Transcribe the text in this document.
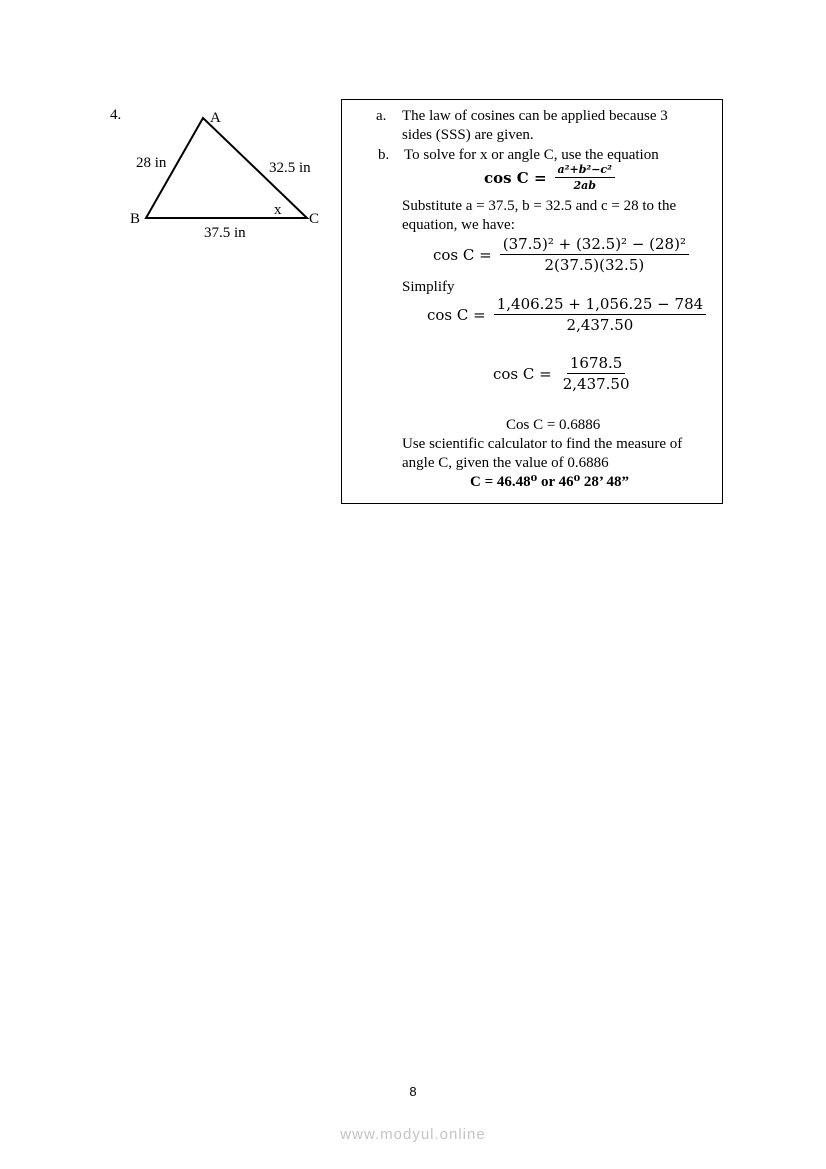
4.	A
B	C
28 in	32.5 in
37.5 in
x
a. The law of cosines can be applied because 3
sides (SSS) are given.
b. To solve for x or angle C, use the equation
$\cos C = \frac{\text{a²+b²−c²}}{2ab}$
Substitute a = 37.5, b = 32.5 and c = 28 to the
equation, we have:
$\cos C = \frac{\text{(37.5)² + (32.5)² − (28)²}}{2(37.5)(32.5)}$
Simplify
$\cos C = \frac{1,406.25 + 1,056.25 - 784}{2,437.50}$
$\cos C = \frac{1678.5}{2,437.50}$
Cos C = 0.6886
Use scientific calculator to find the measure of
angle C, given the value of 0.6886
C = 46.48⁰ or 46⁰ 28’ 48”
8
www.modyul.online
